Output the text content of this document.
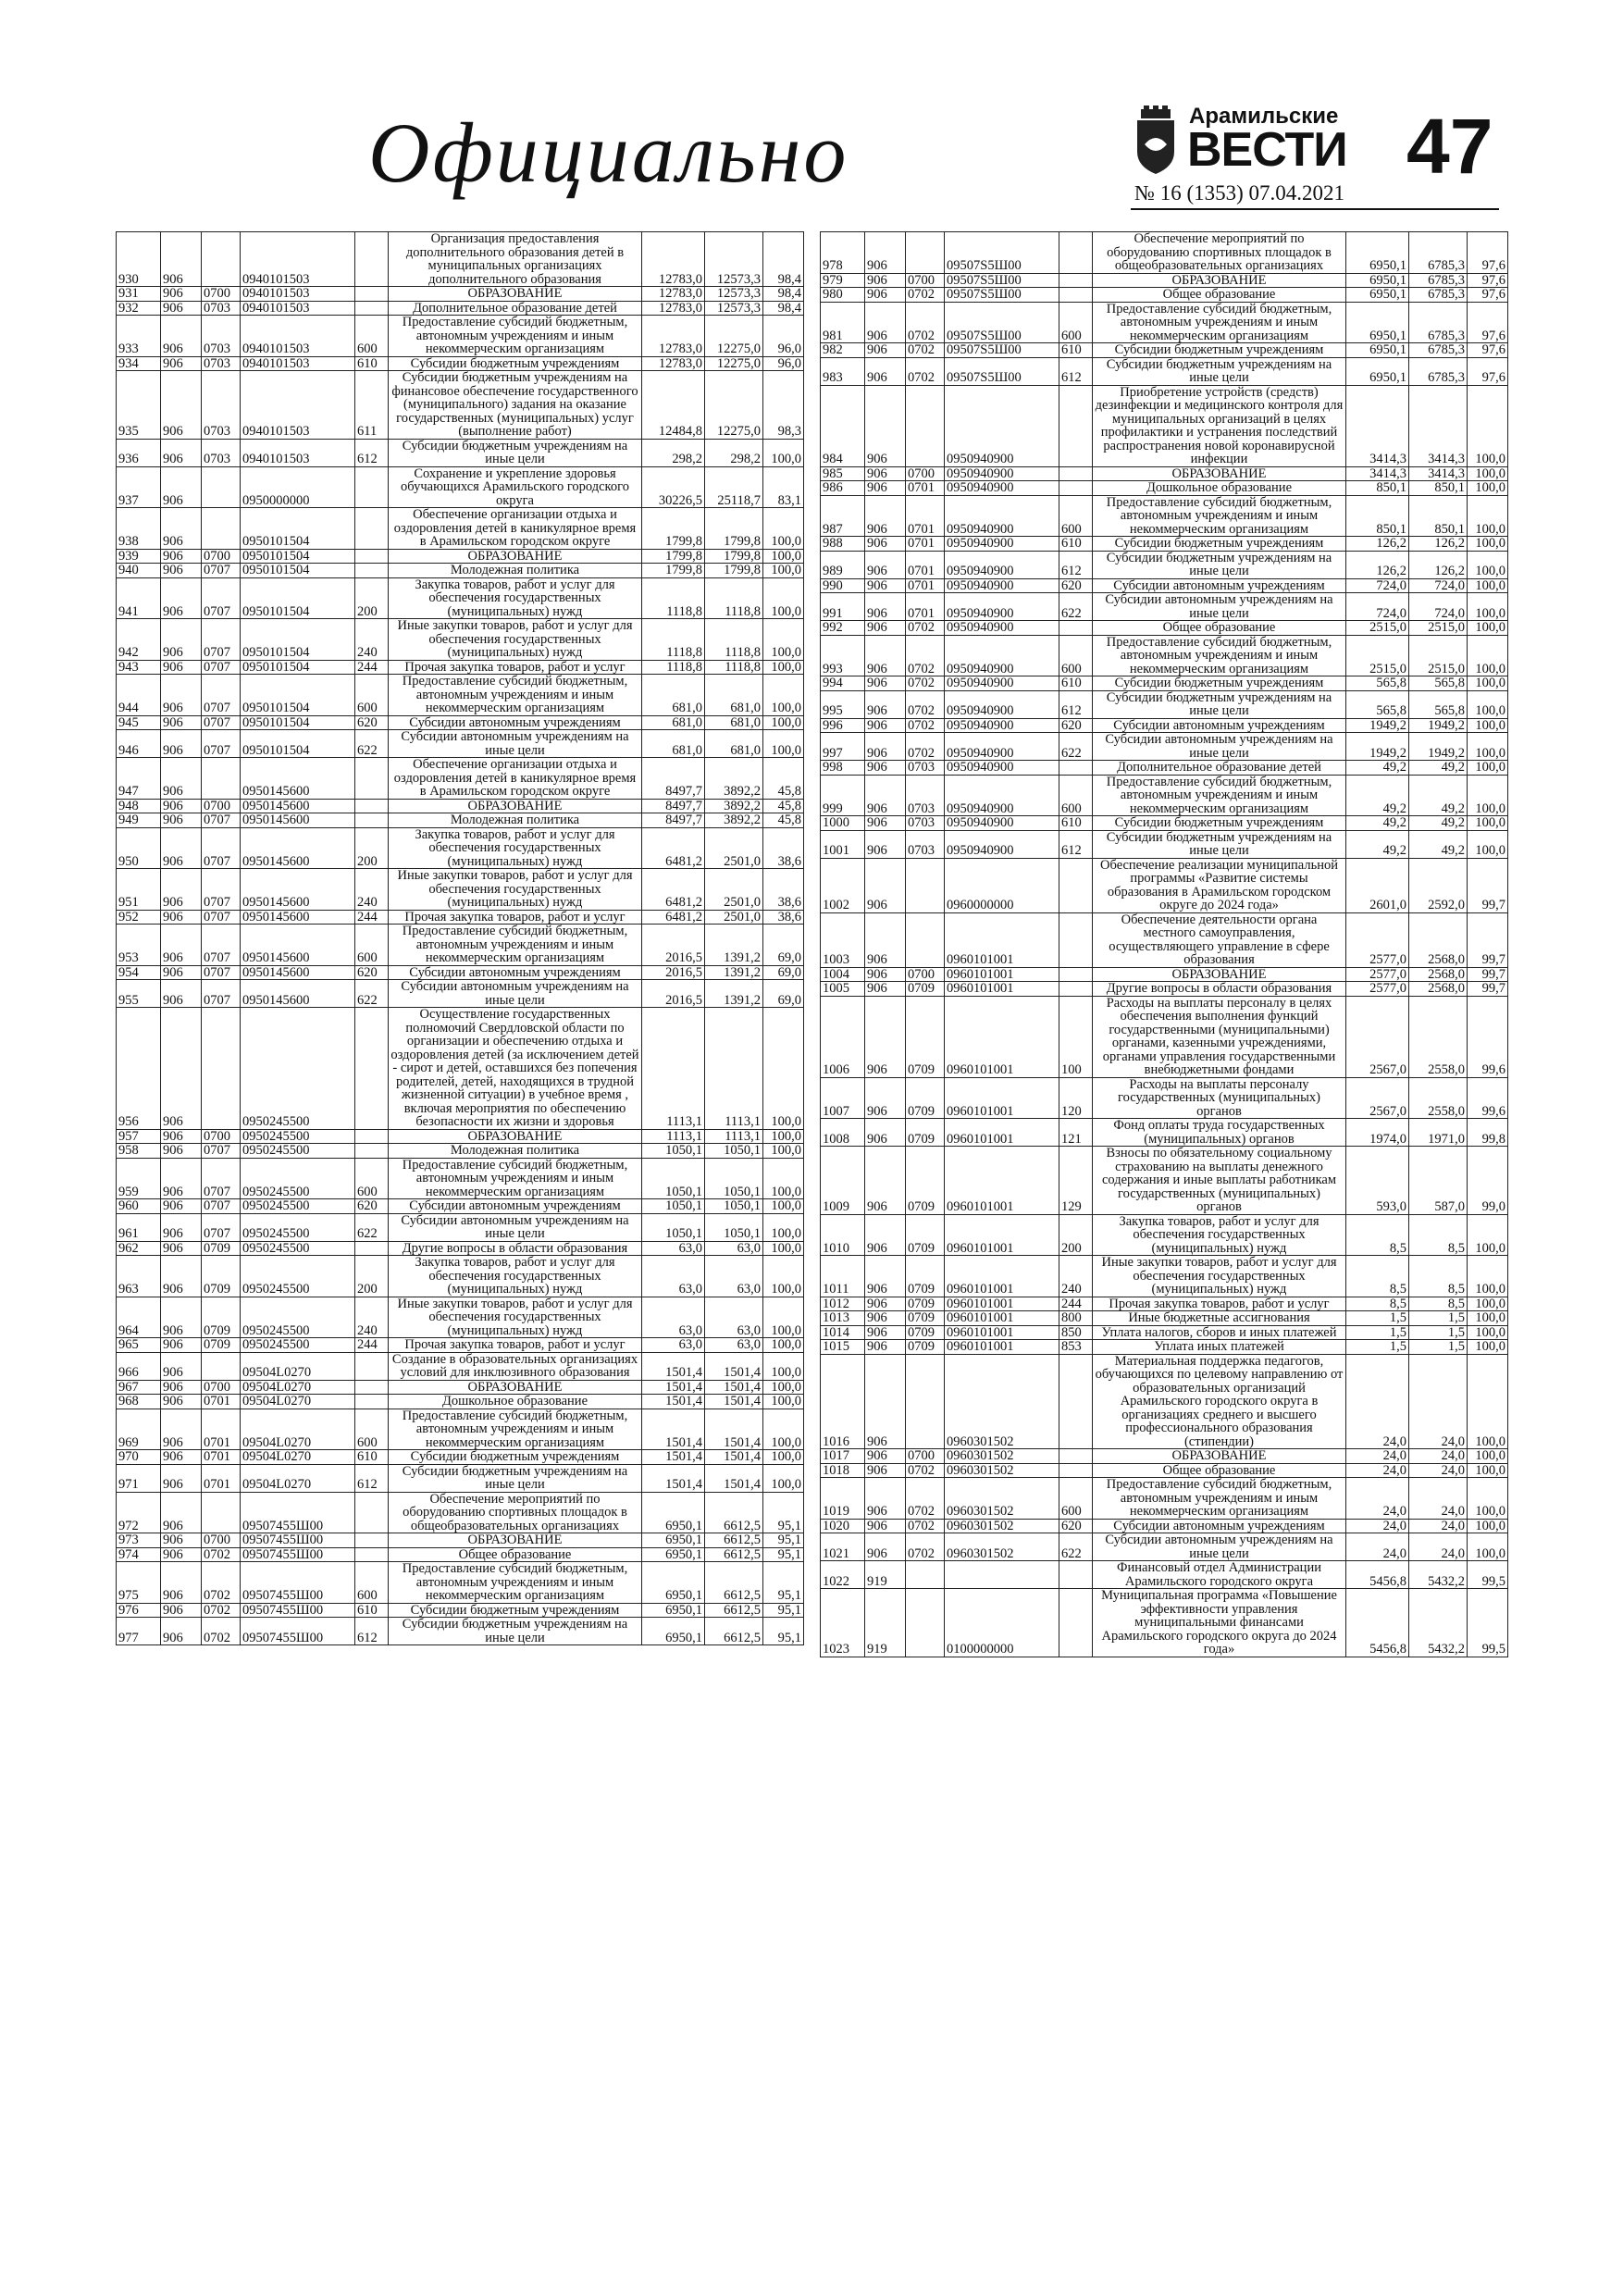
Официально	Арамильские
ВЕСТИ 47
№ 16 (1353) 07.04.2021
930	906		0940101503		Организация предоставления дополнительного образования детей в муниципальных организациях дополнительного образования	12783,0	12573,3	98,4
931	906	0700	0940101503		ОБРАЗОВАНИЕ	12783,0	12573,3	98,4
932	906	0703	0940101503		Дополнительное образование детей	12783,0	12573,3	98,4
933	906	0703	0940101503	600	Предоставление субсидий бюджетным, автономным учреждениям и иным некоммерческим организациям	12783,0	12275,0	96,0
934	906	0703	0940101503	610	Субсидии бюджетным учреждениям	12783,0	12275,0	96,0
935	906	0703	0940101503	611	Субсидии бюджетным учреждениям на финансовое обеспечение государственного (муниципального) задания на оказание государственных (муниципальных) услуг (выполнение работ)	12484,8	12275,0	98,3
936	906	0703	0940101503	612	Субсидии бюджетным учреждениям на иные цели	298,2	298,2	100,0
937	906		0950000000		Сохранение и укрепление здоровья обучающихся Арамильского городского округа	30226,5	25118,7	83,1
938	906		0950101504		Обеспечение организации отдыха и оздоровления детей в каникулярное время в Арамильском городском округе	1799,8	1799,8	100,0
939	906	0700	0950101504		ОБРАЗОВАНИЕ	1799,8	1799,8	100,0
940	906	0707	0950101504		Молодежная политика	1799,8	1799,8	100,0
941	906	0707	0950101504	200	Закупка товаров, работ и услуг для обеспечения государственных (муниципальных) нужд	1118,8	1118,8	100,0
942	906	0707	0950101504	240	Иные закупки товаров, работ и услуг для обеспечения государственных (муниципальных) нужд	1118,8	1118,8	100,0
943	906	0707	0950101504	244	Прочая закупка товаров, работ и услуг	1118,8	1118,8	100,0
944	906	0707	0950101504	600	Предоставление субсидий бюджетным, автономным учреждениям и иным некоммерческим организациям	681,0	681,0	100,0
945	906	0707	0950101504	620	Субсидии автономным учреждениям	681,0	681,0	100,0
946	906	0707	0950101504	622	Субсидии автономным учреждениям на иные цели	681,0	681,0	100,0
947	906		0950145600		Обеспечение организации отдыха и оздоровления детей в каникулярное время в Арамильском городском округе	8497,7	3892,2	45,8
948	906	0700	0950145600		ОБРАЗОВАНИЕ	8497,7	3892,2	45,8
949	906	0707	0950145600		Молодежная политика	8497,7	3892,2	45,8
950	906	0707	0950145600	200	Закупка товаров, работ и услуг для обеспечения государственных (муниципальных) нужд	6481,2	2501,0	38,6
951	906	0707	0950145600	240	Иные закупки товаров, работ и услуг для обеспечения государственных (муниципальных) нужд	6481,2	2501,0	38,6
952	906	0707	0950145600	244	Прочая закупка товаров, работ и услуг	6481,2	2501,0	38,6
953	906	0707	0950145600	600	Предоставление субсидий бюджетным, автономным учреждениям и иным некоммерческим организациям	2016,5	1391,2	69,0
954	906	0707	0950145600	620	Субсидии автономным учреждениям	2016,5	1391,2	69,0
955	906	0707	0950145600	622	Субсидии автономным учреждениям на иные цели	2016,5	1391,2	69,0
956	906		0950245500		Осуществление государственных полномочий Свердловской области по организации и обеспечению отдыха и оздоровления детей (за исключением детей - сирот и детей, оставшихся без попечения родителей, детей, находящихся в трудной жизненной ситуации) в учебное время , включая мероприятия по обеспечению безопасности их жизни и здоровья	1113,1	1113,1	100,0
957	906	0700	0950245500		ОБРАЗОВАНИЕ	1113,1	1113,1	100,0
958	906	0707	0950245500		Молодежная политика	1050,1	1050,1	100,0
959	906	0707	0950245500	600	Предоставление субсидий бюджетным, автономным учреждениям и иным некоммерческим организациям	1050,1	1050,1	100,0
960	906	0707	0950245500	620	Субсидии автономным учреждениям	1050,1	1050,1	100,0
961	906	0707	0950245500	622	Субсидии автономным учреждениям на иные цели	1050,1	1050,1	100,0
962	906	0709	0950245500		Другие вопросы в области образования	63,0	63,0	100,0
963	906	0709	0950245500	200	Закупка товаров, работ и услуг для обеспечения государственных (муниципальных) нужд	63,0	63,0	100,0
964	906	0709	0950245500	240	Иные закупки товаров, работ и услуг для обеспечения государственных (муниципальных) нужд	63,0	63,0	100,0
965	906	0709	0950245500	244	Прочая закупка товаров, работ и услуг	63,0	63,0	100,0
966	906		09504L0270		Создание в образовательных организациях условий для инклюзивного образования	1501,4	1501,4	100,0
967	906	0700	09504L0270		ОБРАЗОВАНИЕ	1501,4	1501,4	100,0
968	906	0701	09504L0270		Дошкольное образование	1501,4	1501,4	100,0
969	906	0701	09504L0270	600	Предоставление субсидий бюджетным, автономным учреждениям и иным некоммерческим организациям	1501,4	1501,4	100,0
970	906	0701	09504L0270	610	Субсидии бюджетным учреждениям	1501,4	1501,4	100,0
971	906	0701	09504L0270	612	Субсидии бюджетным учреждениям на иные цели	1501,4	1501,4	100,0
972	906		09507455Ш00		Обеспечение мероприятий по оборудованию спортивных площадок в общеобразовательных организациях	6950,1	6612,5	95,1
973	906	0700	09507455Ш00		ОБРАЗОВАНИЕ	6950,1	6612,5	95,1
974	906	0702	09507455Ш00		Общее образование	6950,1	6612,5	95,1
975	906	0702	09507455Ш00	600	Предоставление субсидий бюджетным, автономным учреждениям и иным некоммерческим организациям	6950,1	6612,5	95,1
976	906	0702	09507455Ш00	610	Субсидии бюджетным учреждениям	6950,1	6612,5	95,1
977	906	0702	09507455Ш00	612	Субсидии бюджетным учреждениям на иные цели	6950,1	6612,5	95,1
978	906		09507S5Ш00		Обеспечение мероприятий по оборудованию спортивных площадок в общеобразовательных организациях	6950,1	6785,3	97,6
979	906	0700	09507S5Ш00		ОБРАЗОВАНИЕ	6950,1	6785,3	97,6
980	906	0702	09507S5Ш00		Общее образование	6950,1	6785,3	97,6
981	906	0702	09507S5Ш00	600	Предоставление субсидий бюджетным, автономным учреждениям и иным некоммерческим организациям	6950,1	6785,3	97,6
982	906	0702	09507S5Ш00	610	Субсидии бюджетным учреждениям	6950,1	6785,3	97,6
983	906	0702	09507S5Ш00	612	Субсидии бюджетным учреждениям на иные цели	6950,1	6785,3	97,6
984	906		0950940900		Приобретение устройств (средств) дезинфекции и медицинского контроля для муниципальных организаций в целях профилактики и устранения последствий распространения новой коронавирусной инфекции	3414,3	3414,3	100,0
985	906	0700	0950940900		ОБРАЗОВАНИЕ	3414,3	3414,3	100,0
986	906	0701	0950940900		Дошкольное образование	850,1	850,1	100,0
987	906	0701	0950940900	600	Предоставление субсидий бюджетным, автономным учреждениям и иным некоммерческим организациям	850,1	850,1	100,0
988	906	0701	0950940900	610	Субсидии бюджетным учреждениям	126,2	126,2	100,0
989	906	0701	0950940900	612	Субсидии бюджетным учреждениям на иные цели	126,2	126,2	100,0
990	906	0701	0950940900	620	Субсидии автономным учреждениям	724,0	724,0	100,0
991	906	0701	0950940900	622	Субсидии автономным учреждениям на иные цели	724,0	724,0	100,0
992	906	0702	0950940900		Общее образование	2515,0	2515,0	100,0
993	906	0702	0950940900	600	Предоставление субсидий бюджетным, автономным учреждениям и иным некоммерческим организациям	2515,0	2515,0	100,0
994	906	0702	0950940900	610	Субсидии бюджетным учреждениям	565,8	565,8	100,0
995	906	0702	0950940900	612	Субсидии бюджетным учреждениям на иные цели	565,8	565,8	100,0
996	906	0702	0950940900	620	Субсидии автономным учреждениям	1949,2	1949,2	100,0
997	906	0702	0950940900	622	Субсидии автономным учреждениям на иные цели	1949,2	1949,2	100,0
998	906	0703	0950940900		Дополнительное образование детей	49,2	49,2	100,0
999	906	0703	0950940900	600	Предоставление субсидий бюджетным, автономным учреждениям и иным некоммерческим организациям	49,2	49,2	100,0
1000	906	0703	0950940900	610	Субсидии бюджетным учреждениям	49,2	49,2	100,0
1001	906	0703	0950940900	612	Субсидии бюджетным учреждениям на иные цели	49,2	49,2	100,0
1002	906		0960000000		Обеспечение реализации муниципальной программы «Развитие системы образования в Арамильском городском округе до 2024 года»	2601,0	2592,0	99,7
1003	906		0960101001		Обеспечение деятельности органа местного самоуправления, осуществляющего управление в сфере образования	2577,0	2568,0	99,7
1004	906	0700	0960101001		ОБРАЗОВАНИЕ	2577,0	2568,0	99,7
1005	906	0709	0960101001		Другие вопросы в области образования	2577,0	2568,0	99,7
1006	906	0709	0960101001	100	Расходы на выплаты персоналу в целях обеспечения выполнения функций государственными (муниципальными) органами, казенными учреждениями, органами управления государственными внебюджетными фондами	2567,0	2558,0	99,6
1007	906	0709	0960101001	120	Расходы на выплаты персоналу государственных (муниципальных) органов	2567,0	2558,0	99,6
1008	906	0709	0960101001	121	Фонд оплаты труда государственных (муниципальных) органов	1974,0	1971,0	99,8
1009	906	0709	0960101001	129	Взносы по обязательному социальному страхованию на выплаты денежного содержания и иные выплаты работникам государственных (муниципальных) органов	593,0	587,0	99,0
1010	906	0709	0960101001	200	Закупка товаров, работ и услуг для обеспечения государственных (муниципальных) нужд	8,5	8,5	100,0
1011	906	0709	0960101001	240	Иные закупки товаров, работ и услуг для обеспечения государственных (муниципальных) нужд	8,5	8,5	100,0
1012	906	0709	0960101001	244	Прочая закупка товаров, работ и услуг	8,5	8,5	100,0
1013	906	0709	0960101001	800	Иные бюджетные ассигнования	1,5	1,5	100,0
1014	906	0709	0960101001	850	Уплата налогов, сборов и иных платежей	1,5	1,5	100,0
1015	906	0709	0960101001	853	Уплата иных платежей	1,5	1,5	100,0
1016	906		0960301502		Материальная поддержка педагогов, обучающихся по целевому направлению от образовательных организаций Арамильского городского округа в организациях среднего и высшего профессионального образования (стипендии)	24,0	24,0	100,0
1017	906	0700	0960301502		ОБРАЗОВАНИЕ	24,0	24,0	100,0
1018	906	0702	0960301502		Общее образование	24,0	24,0	100,0
1019	906	0702	0960301502	600	Предоставление субсидий бюджетным, автономным учреждениям и иным некоммерческим организациям	24,0	24,0	100,0
1020	906	0702	0960301502	620	Субсидии автономным учреждениям	24,0	24,0	100,0
1021	906	0702	0960301502	622	Субсидии автономным учреждениям на иные цели	24,0	24,0	100,0
1022	919				Финансовый отдел Администрации Арамильского городского округа	5456,8	5432,2	99,5
1023	919		0100000000		Муниципальная программа «Повышение эффективности управления муниципальными финансами Арамильского городского округа до 2024 года»	5456,8	5432,2	99,5
